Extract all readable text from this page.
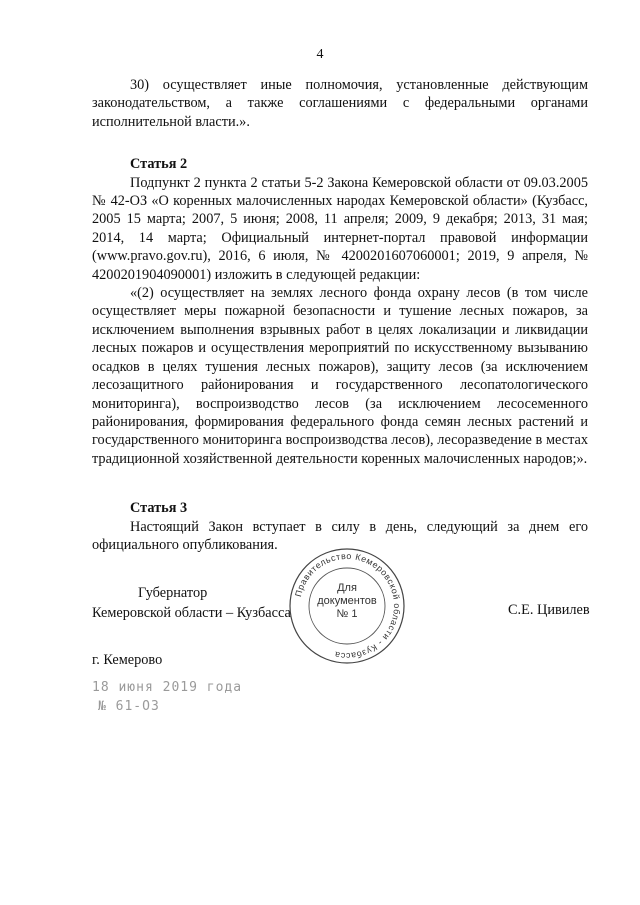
4

30) осуществляет иные полномочия, установленные действующим законодательством, а также соглашениями с федеральными органами исполнительной власти.».

Статья 2

Подпункт 2 пункта 2 статьи 5-2 Закона Кемеровской области от 09.03.2005 № 42-ОЗ «О коренных малочисленных народах Кемеровской области» (Кузбасс, 2005 15 марта; 2007, 5 июня; 2008, 11 апреля; 2009, 9 декабря; 2013, 31 мая; 2014, 14 марта; Официальный интернет-портал правовой информации (www.pravo.gov.ru), 2016, 6 июля, № 4200201607060001; 2019, 9 апреля, № 4200201904090001) изложить в следующей редакции:

«(2) осуществляет на землях лесного фонда охрану лесов (в том числе осуществляет меры пожарной безопасности и тушение лесных пожаров, за исключением выполнения взрывных работ в целях локализации и ликвидации лесных пожаров и осуществления мероприятий по искусственному вызыванию осадков в целях тушения лесных пожаров), защиту лесов (за исключением лесозащитного районирования и государственного лесопатологического мониторинга), воспроизводство лесов (за исключением лесосеменного районирования, формирования федерального фонда семян лесных растений и государственного мониторинга воспроизводства лесов), лесоразведение в местах традиционной хозяйственной деятельности коренных малочисленных народов;».

Статья 3

Настоящий Закон вступает в силу в день, следующий за днем его официального опубликования.

Губернатор
Кемеровской области – Кузбасса
Правительство Кемеровской области - Кузбасса
Для
документов
№ 1	С.Е. Цивилев
г. Кемерово
18 июня 2019 года
№ 61-ОЗ
